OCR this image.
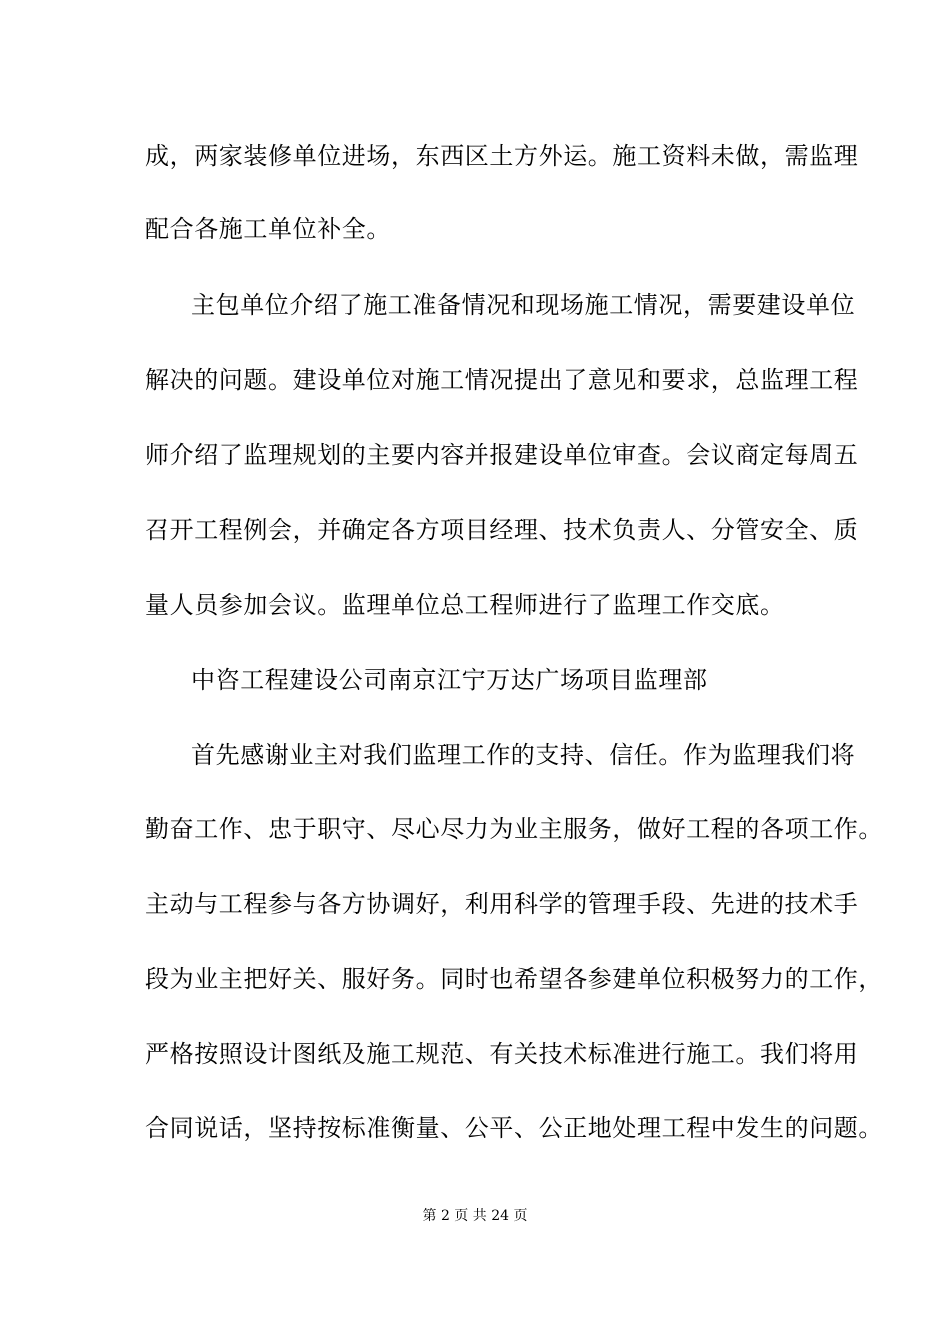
成，两家装修单位进场，东西区土方外运。施工资料未做，需监理
配合各施工单位补全。
主包单位介绍了施工准备情况和现场施工情况，需要建设单位
解决的问题。建设单位对施工情况提出了意见和要求，总监理工程
师介绍了监理规划的主要内容并报建设单位审查。会议商定每周五
召开工程例会，并确定各方项目经理、技术负责人、分管安全、质
量人员参加会议。监理单位总工程师进行了监理工作交底。
中咨工程建设公司南京江宁万达广场项目监理部
首先感谢业主对我们监理工作的支持、信任。作为监理我们将
勤奋工作、忠于职守、尽心尽力为业主服务，做好工程的各项工作。
主动与工程参与各方协调好，利用科学的管理手段、先进的技术手
段为业主把好关、服好务。同时也希望各参建单位积极努力的工作，
严格按照设计图纸及施工规范、有关技术标准进行施工。我们将用
合同说话，坚持按标准衡量、公平、公正地处理工程中发生的问题。
第 2 页 共 24 页
